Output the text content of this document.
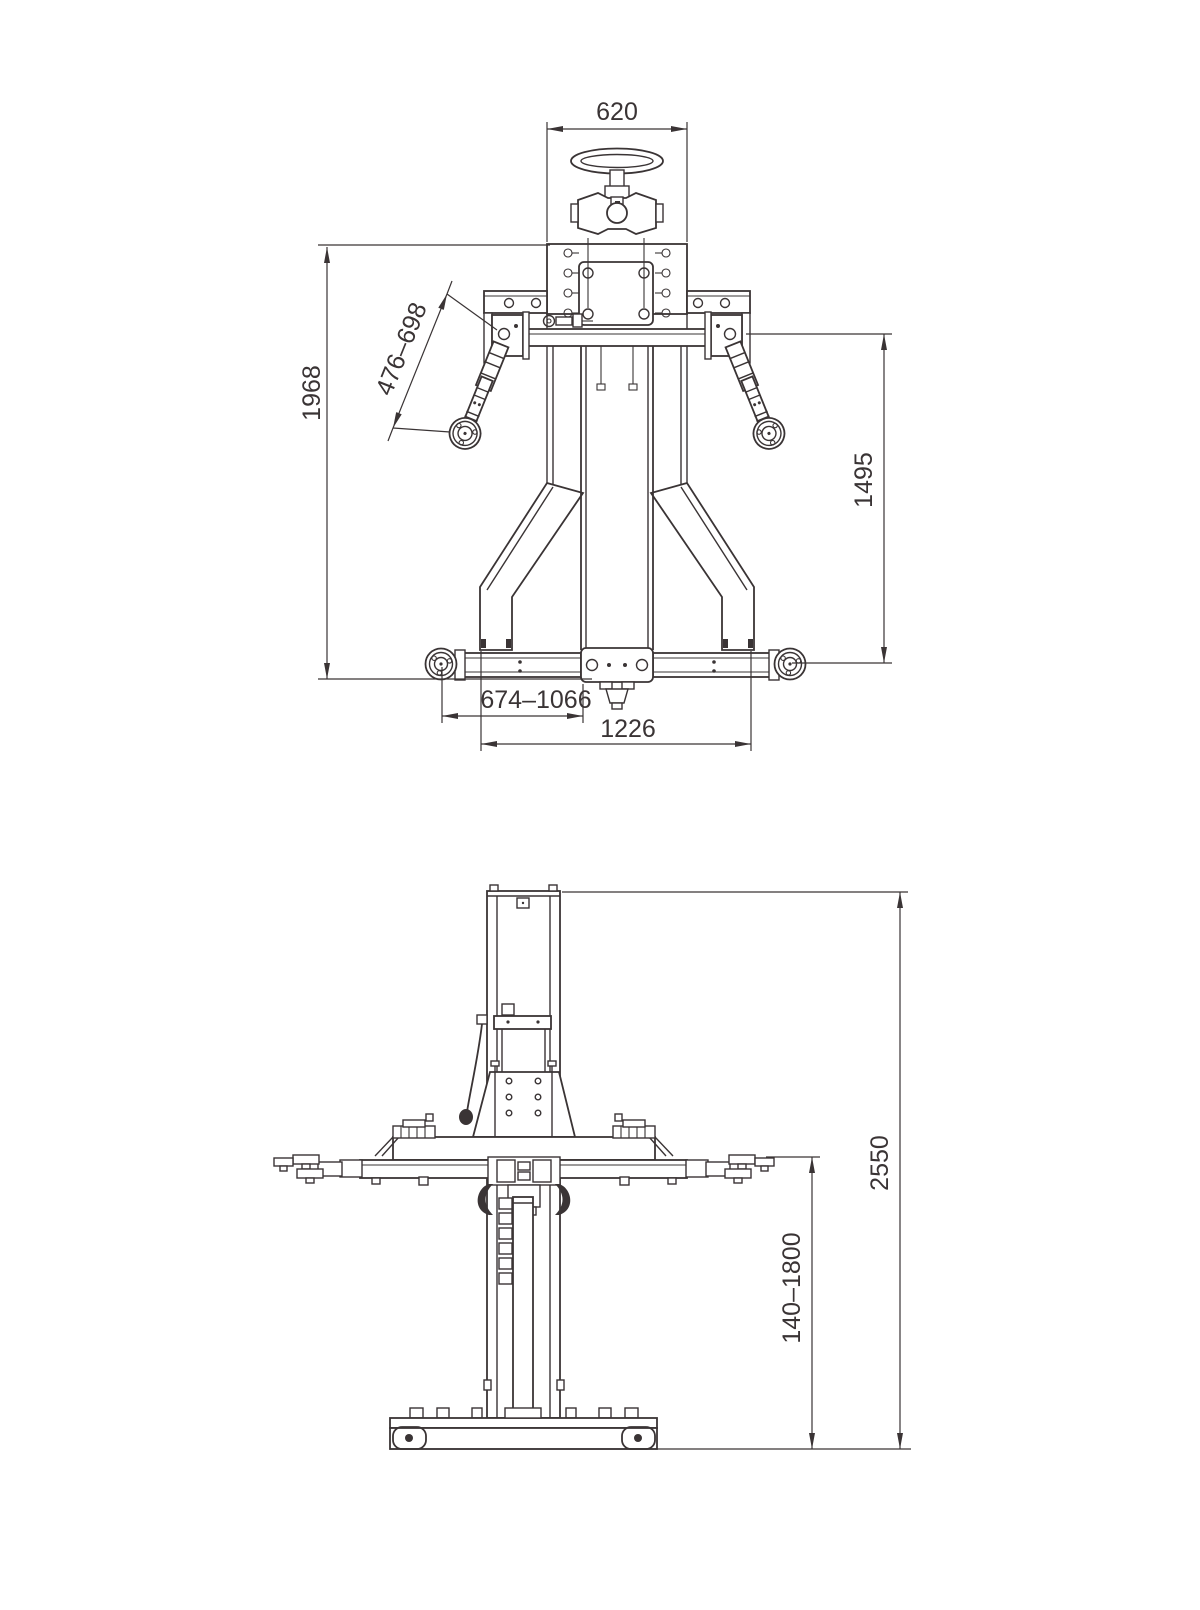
620
1968 476–698
1495
674–1066
1226
2550
140–1800
